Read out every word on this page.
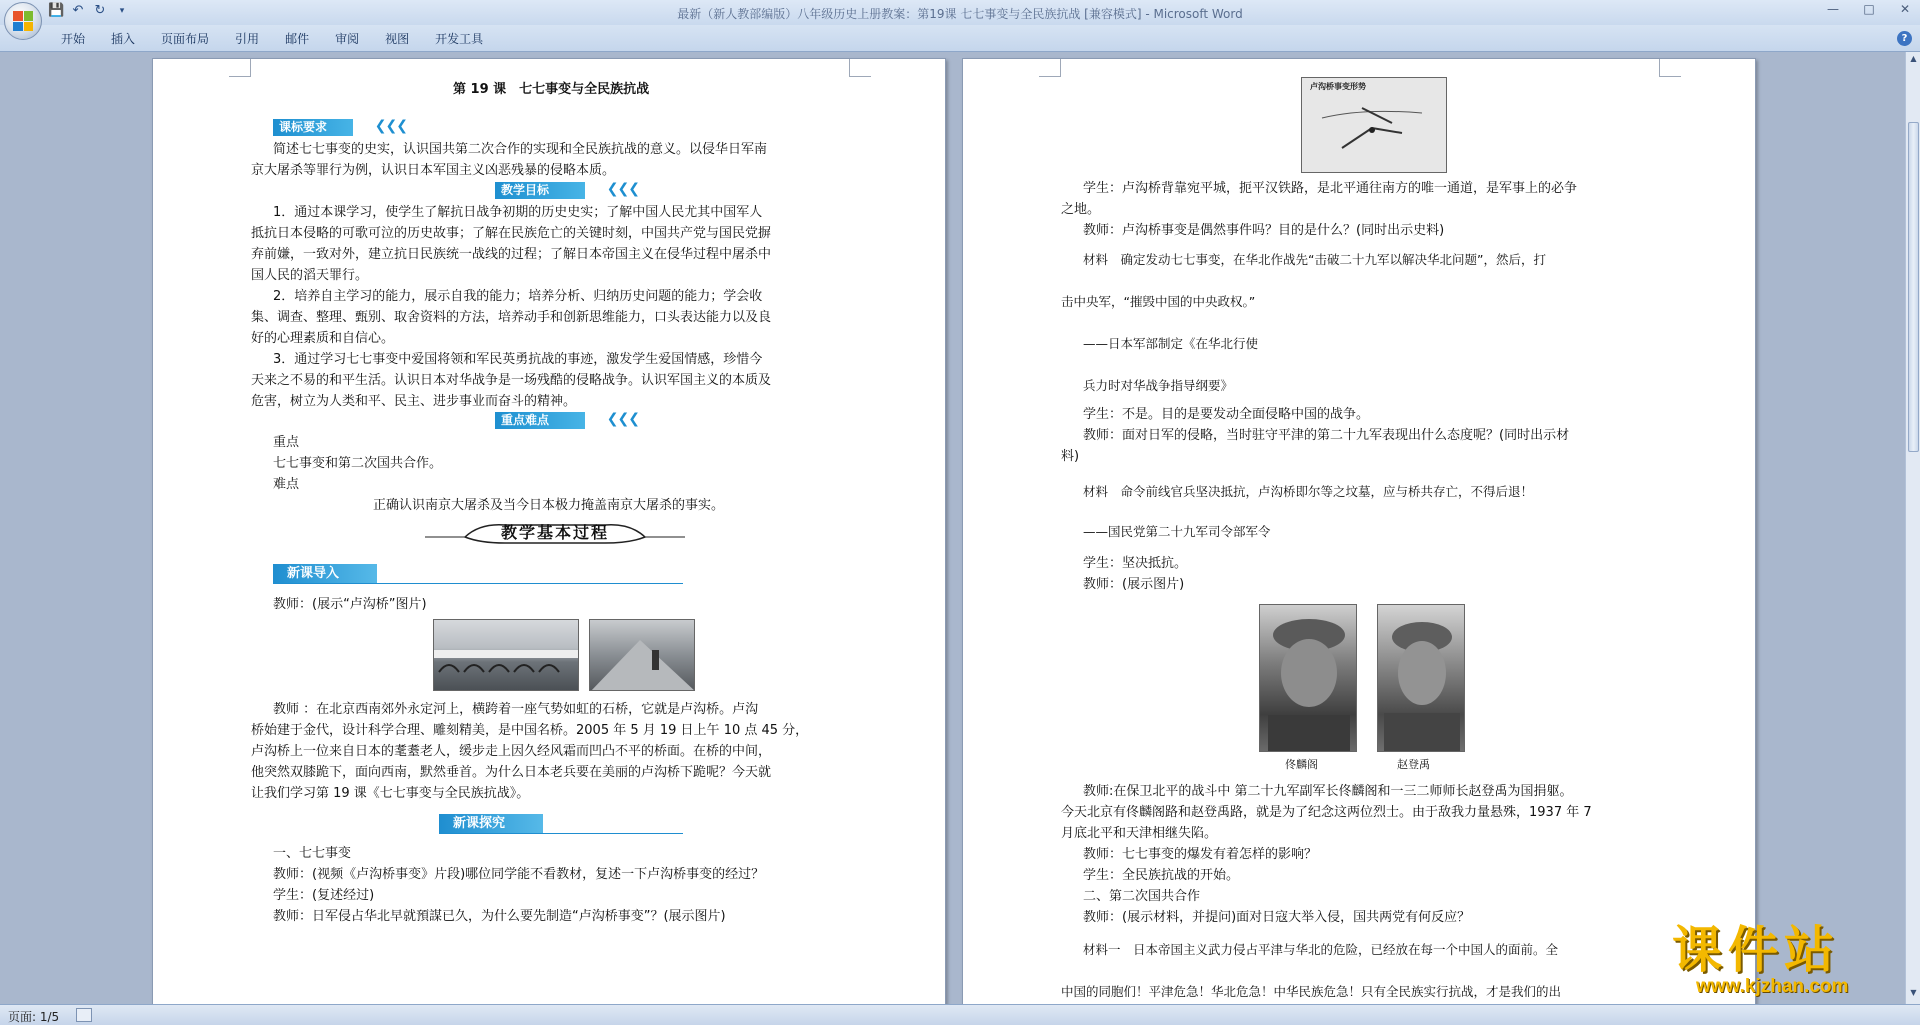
💾 ↶ ↻	▾	最新（新人教部编版）八年级历史上册教案：第19课 七七事变与全民族抗战 [兼容模式] - Microsoft Word	— □	✕
开始	插入	页面布局	引用	邮件	审阅	视图	开发工具	?
第 19 课　七七事变与全民族抗战
课标要求	❮❮❮
简述七七事变的史实，认识国共第二次合作的实现和全民族抗战的意义。以侵华日军南
京大屠杀等罪行为例，认识日本军国主义凶恶残暴的侵略本质。
教学目标	❮❮❮
1．通过本课学习，使学生了解抗日战争初期的历史史实；了解中国人民尤其中国军人
抵抗日本侵略的可歌可泣的历史故事；了解在民族危亡的关键时刻，中国共产党与国民党摒
弃前嫌，一致对外，建立抗日民族统一战线的过程；了解日本帝国主义在侵华过程中屠杀中
国人民的滔天罪行。
2．培养自主学习的能力，展示自我的能力；培养分析、归纳历史问题的能力；学会收
集、调查、整理、甄别、取舍资料的方法，培养动手和创新思维能力，口头表达能力以及良
好的心理素质和自信心。
3．通过学习七七事变中爱国将领和军民英勇抗战的事迹，激发学生爱国情感，珍惜今
天来之不易的和平生活。认识日本对华战争是一场残酷的侵略战争。认识军国主义的本质及
危害，树立为人类和平、民主、进步事业而奋斗的精神。
重点难点	❮❮❮
重点
七七事变和第二次国共合作。
难点
正确认识南京大屠杀及当今日本极力掩盖南京大屠杀的事实。
教学基本过程
新课导入
教师：(展示“卢沟桥”图片)
教师 ：在北京西南郊外永定河上，横跨着一座气势如虹的石桥，它就是卢沟桥。卢沟
桥始建于金代，设计科学合理、雕刻精美，是中国名桥。2005 年 5 月 19 日上午 10 点 45 分，
卢沟桥上一位来自日本的耄耋老人，缓步走上因久经风霜而凹凸不平的桥面。在桥的中间，
他突然双膝跪下，面向西南，默然垂首。为什么日本老兵要在美丽的卢沟桥下跪呢？今天就
让我们学习第 19 课《七七事变与全民族抗战》。
新课探究
一、七七事变
教师：(视频《卢沟桥事变》片段)哪位同学能不看教材，复述一下卢沟桥事变的经过？
学生：(复述经过)
教师：日军侵占华北早就預謀已久，为什么要先制造“卢沟桥事变”？(展示图片)
卢沟桥事变形势
学生：卢沟桥背靠宛平城，扼平汉铁路，是北平通往南方的唯一通道，是军事上的必争
之地。
教师：卢沟桥事变是偶然事件吗？目的是什么？(同时出示史料)
材料　确定发动七七事变，在华北作战先“击破二十九军以解决华北问题”，然后，打
击中央军，“摧毁中国的中央政权。”
——日本军部制定《在华北行使
兵力时对华战争指导纲要》
学生：不是。目的是要发动全面侵略中国的战争。
教师：面对日军的侵略，当时驻守平津的第二十九军表现出什么态度呢？(同时出示材
料)
材料　命令前线官兵坚决抵抗，卢沟桥即尔等之坟墓，应与桥共存亡，不得后退！
——国民党第二十九军司令部军令
学生：坚决抵抗。
教师：(展示图片)
佟麟阁	赵登禹
教师:在保卫北平的战斗中 第二十九军副军长佟麟阁和一三二师师长赵登禹为国捐躯。
今天北京有佟麟阁路和赵登禹路，就是为了纪念这两位烈士。由于敌我力量悬殊，1937 年 7
月底北平和天津相继失陷。
教师：七七事变的爆发有着怎样的影响？
学生：全民族抗战的开始。
二、第二次国共合作
教师：(展示材料，并提问)面对日寇大举入侵，国共两党有何反应？
材料一　日本帝国主义武力侵占平津与华北的危险，已经放在每一个中国人的面前。全
中国的同胞们！平津危急！华北危急！中华民族危急！只有全民族实行抗战，才是我们的出
▲
▼
课件站
www.kjzhan.com
页面: 1/5
